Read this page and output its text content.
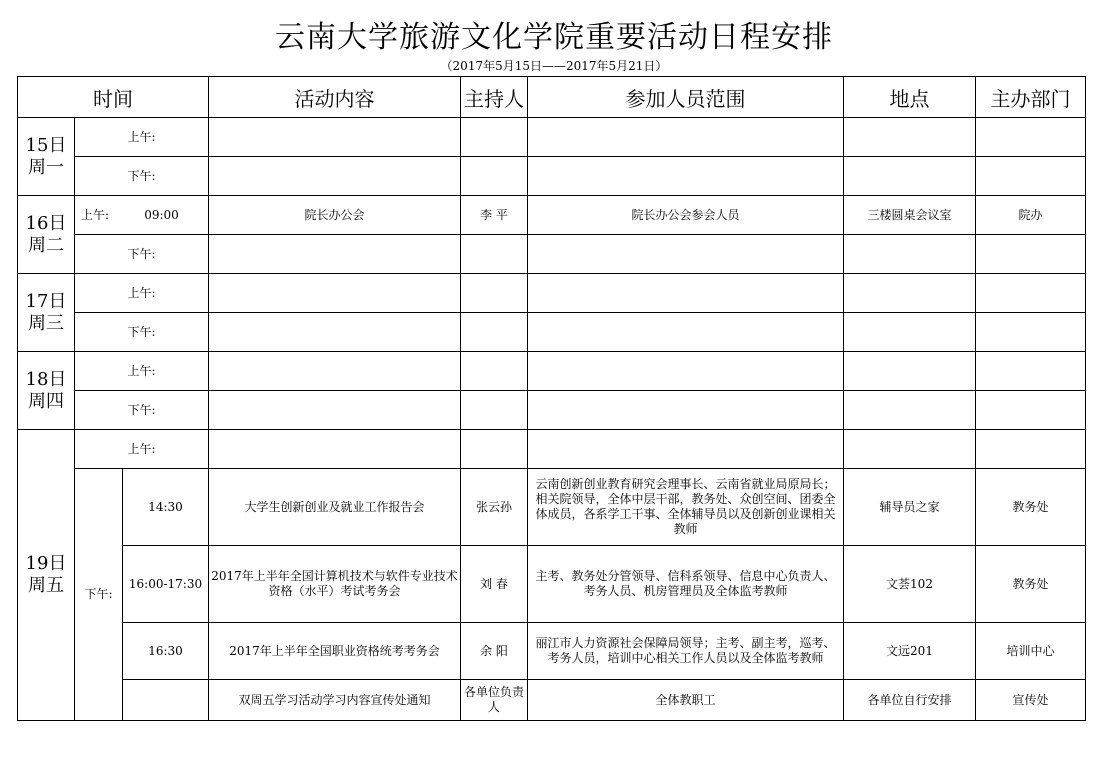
云南大学旅游文化学院重要活动日程安排
（2017年5月15日——2017年5月21日）
时间			活动内容	主持人	参加人员范围	地点	主办部门
15日
周一	上午:						
	下午:						
16日
周二	上午: 09:00		院长办公会	李 平	院长办公会参会人员	三楼圆桌会议室	院办
	下午:						
17日
周三	上午:						
	下午:						
18日
周四	上午:						
	下午:						
19日
周五	上午:						
	下午:	14:30	大学生创新创业及就业工作报告会	张云孙	云南创新创业教育研究会理事长、云南省就业局原局长；相关院领导，全体中层干部，教务处、众创空间、团委全体成员，各系学工干事、全体辅导员以及创新创业课相关教师	辅导员之家	教务处
		16:00-17:30	2017年上半年全国计算机技术与软件专业技术资格（水平）考试考务会	刘 春	主考、教务处分管领导、信科系领导、信息中心负责人、考务人员、机房管理员及全体监考教师	文荟102	教务处
		16:30	2017年上半年全国职业资格统考考务会	余 阳	丽江市人力资源社会保障局领导；主考、副主考，巡考、考务人员，培训中心相关工作人员以及全体监考教师	文远201	培训中心
			双周五学习活动学习内容宣传处通知	各单位负责人	全体教职工	各单位自行安排	宣传处
